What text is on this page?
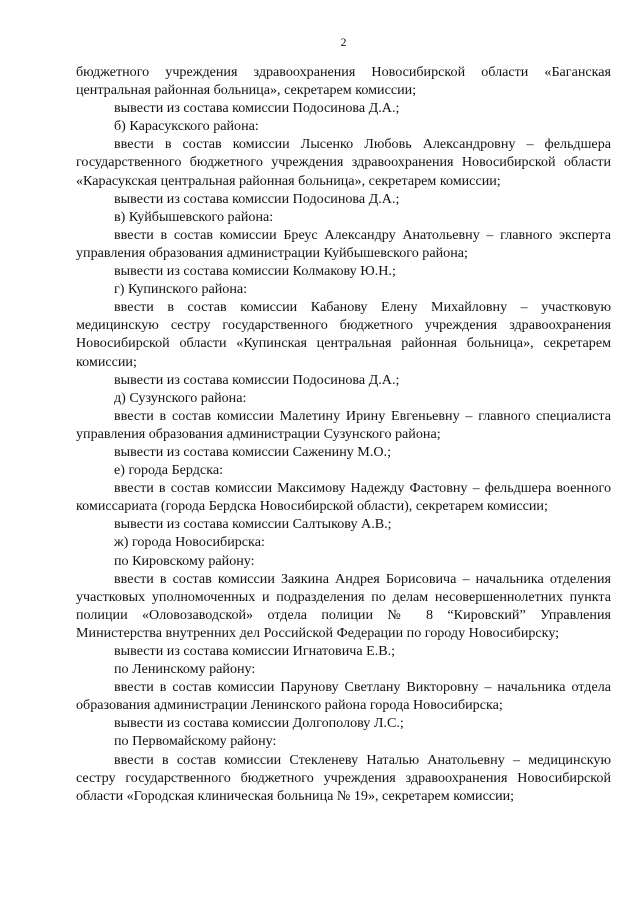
2

бюджетного учреждения здравоохранения Новосибирской области «Баганская центральная районная больница», секретарем комиссии;

вывести из состава комиссии Подосинова Д.А.;

б) Карасукского района:

ввести в состав комиссии Лысенко Любовь Александровну – фельдшера государственного бюджетного учреждения здравоохранения Новосибирской области «Карасукская центральная районная больница», секретарем комиссии;

вывести из состава комиссии Подосинова Д.А.;

в) Куйбышевского района:

ввести в состав комиссии Бреус Александру Анатольевну – главного эксперта управления образования администрации Куйбышевского района;

вывести из состава комиссии Колмакову Ю.Н.;

г) Купинского района:

ввести в состав комиссии Кабанову Елену Михайловну – участковую медицинскую сестру государственного бюджетного учреждения здравоохранения Новосибирской области «Купинская центральная районная больница», секретарем комиссии;

вывести из состава комиссии Подосинова Д.А.;

д) Сузунского района:

ввести в состав комиссии Малетину Ирину Евгеньевну – главного специалиста управления образования администрации Сузунского района;

вывести из состава комиссии Саженину М.О.;

е) города Бердска:

ввести в состав комиссии Максимову Надежду Фастовну – фельдшера военного комиссариата (города Бердска Новосибирской области), секретарем комиссии;

вывести из состава комиссии Салтыкову А.В.;

ж) города Новосибирска:

по Кировскому району:

ввести в состав комиссии Заякина Андрея Борисовича – начальника отделения участковых уполномоченных и подразделения по делам несовершеннолетних пункта полиции «Оловозаводской» отдела полиции № 8 “Кировский” Управления Министерства внутренних дел Российской Федерации по городу Новосибирску;

вывести из состава комиссии Игнатовича Е.В.;

по Ленинскому району:

ввести в состав комиссии Парунову Светлану Викторовну – начальника отдела образования администрации Ленинского района города Новосибирска;

вывести из состава комиссии Долгополову Л.С.;

по Первомайскому району:

ввести в состав комиссии Стекленеву Наталью Анатольевну – медицинскую сестру государственного бюджетного учреждения здравоохранения Новосибирской области «Городская клиническая больница № 19», секретарем комиссии;
